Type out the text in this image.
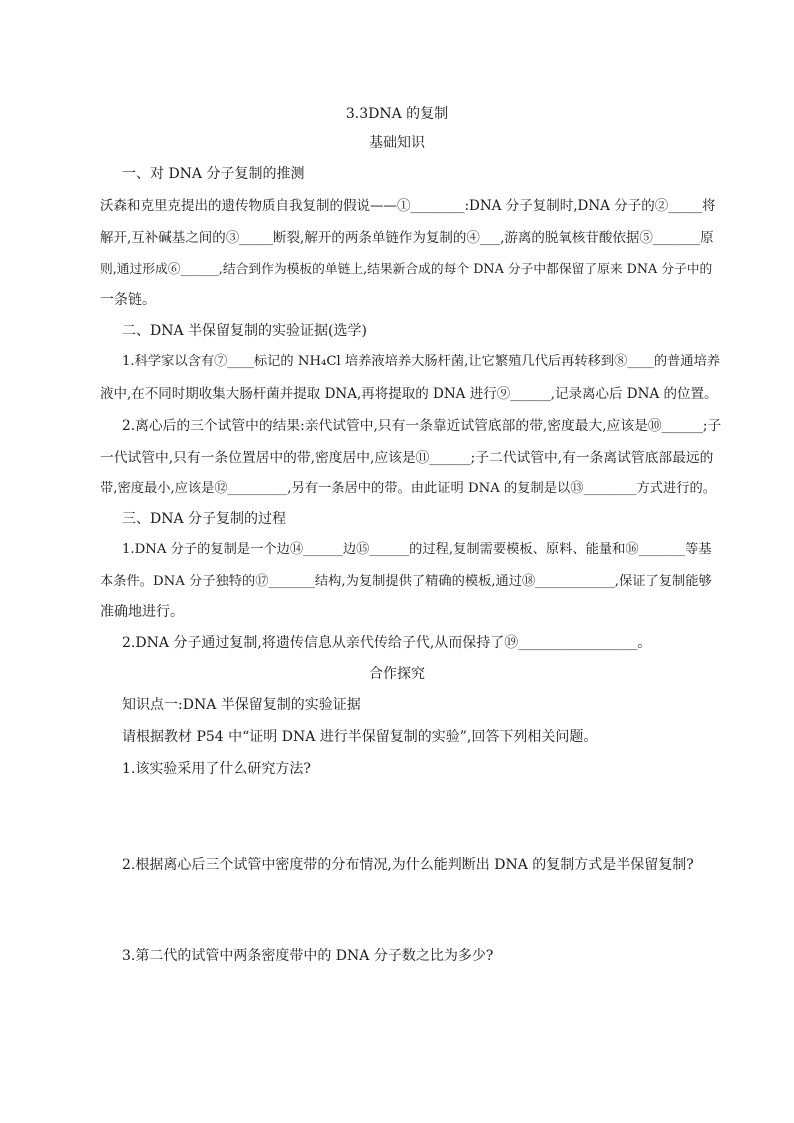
3.3DNA 的复制
基础知识
一、对 DNA 分子复制的推测
沃森和克里克提出的遗传物质自我复制的假说——①________:DNA 分子复制时,DNA 分子的②_____将
解开,互补碱基之间的③_____断裂,解开的两条单链作为复制的④___,游离的脱氧核苷酸依据⑤_______原
则,通过形成⑥______,结合到作为模板的单链上,结果新合成的每个 DNA 分子中都保留了原来 DNA 分子中的
一条链。
二、DNA 半保留复制的实验证据(选学)
1.科学家以含有⑦____标记的 NH₄Cl 培养液培养大肠杆菌,让它繁殖几代后再转移到⑧____的普通培养
液中,在不同时期收集大肠杆菌并提取 DNA,再将提取的 DNA 进行⑨______,记录离心后 DNA 的位置。
2.离心后的三个试管中的结果:亲代试管中,只有一条靠近试管底部的带,密度最大,应该是⑩______;子
一代试管中,只有一条位置居中的带,密度居中,应该是⑪______;子二代试管中,有一条离试管底部最远的
带,密度最小,应该是⑫_________,另有一条居中的带。由此证明 DNA 的复制是以⑬________方式进行的。
三、DNA 分子复制的过程
1.DNA 分子的复制是一个边⑭______边⑮______的过程,复制需要模板、原料、能量和⑯_______等基
本条件。DNA 分子独特的⑰_______结构,为复制提供了精确的模板,通过⑱____________,保证了复制能够
准确地进行。
2.DNA 分子通过复制,将遗传信息从亲代传给子代,从而保持了⑲_________________。
合作探究
知识点一:DNA 半保留复制的实验证据
请根据教材 P54 中“证明 DNA 进行半保留复制的实验”,回答下列相关问题。
1.该实验采用了什么研究方法?
2.根据离心后三个试管中密度带的分布情况,为什么能判断出 DNA 的复制方式是半保留复制?
3.第二代的试管中两条密度带中的 DNA 分子数之比为多少?
